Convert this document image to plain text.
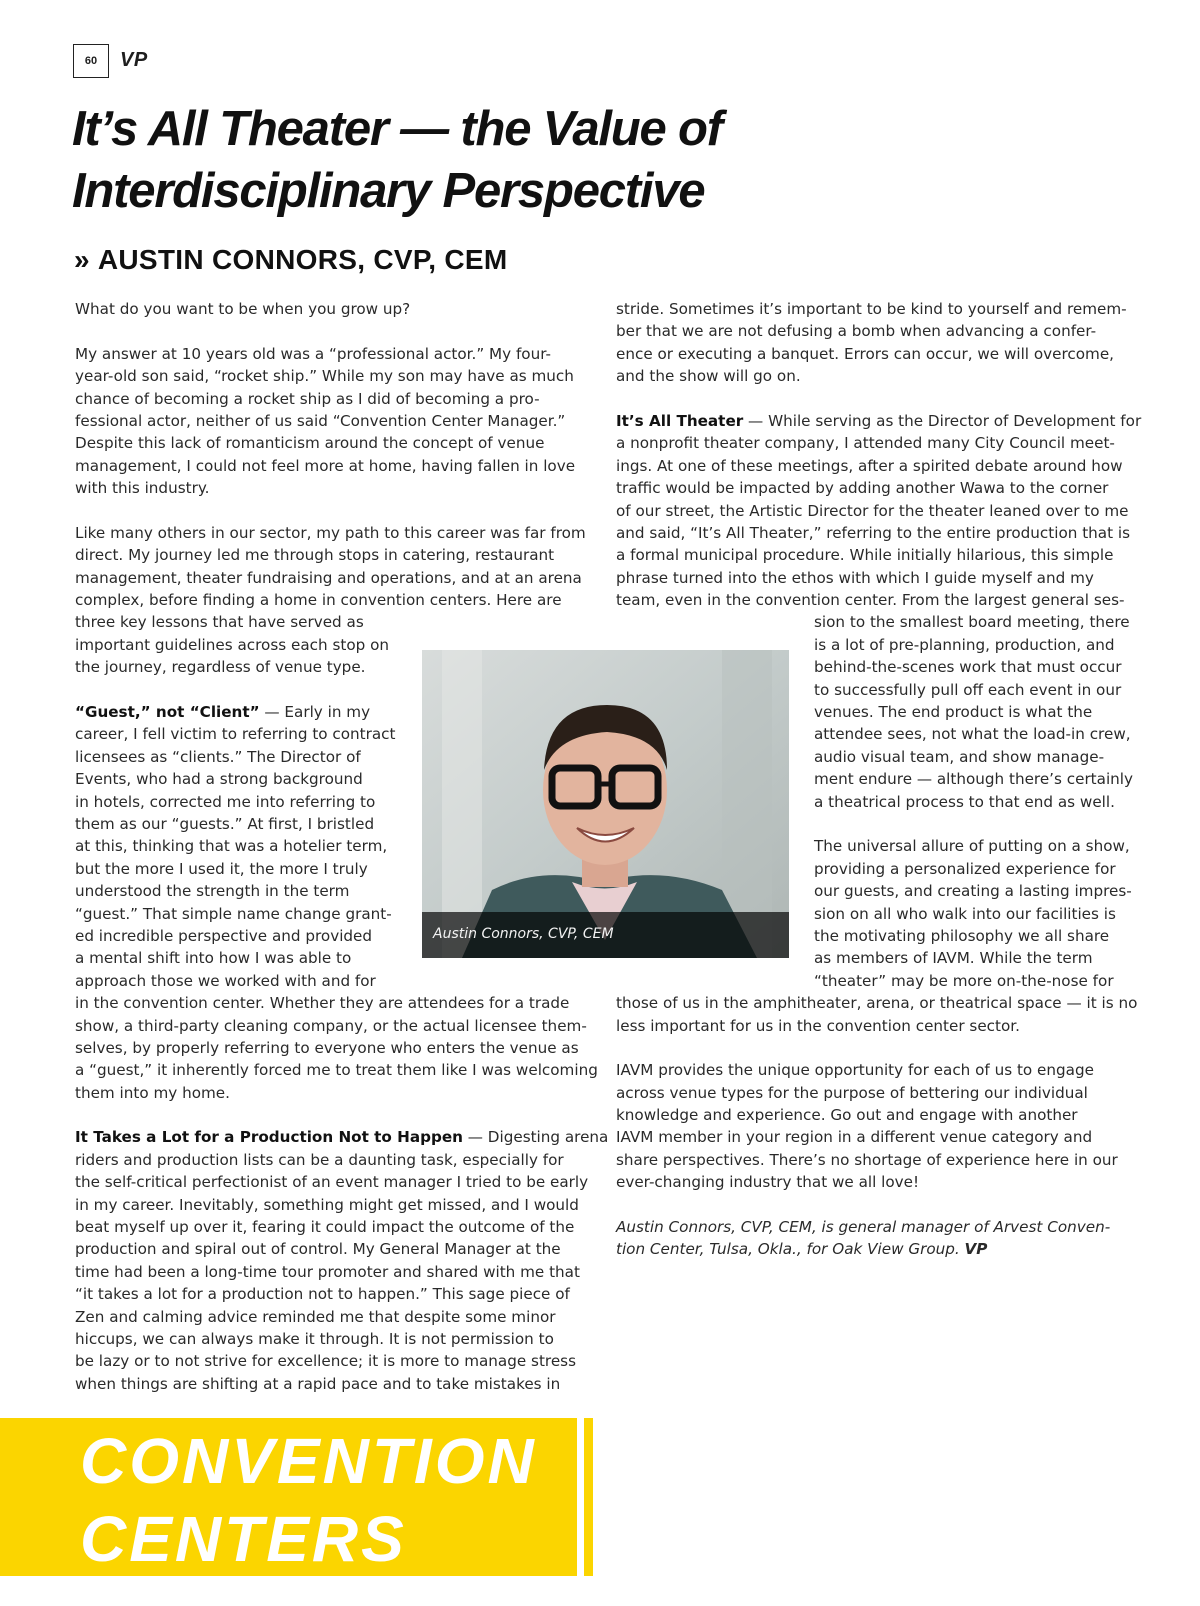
60	VP
It’s All Theater — the Value of
Interdisciplinary Perspective
» AUSTIN CONNORS, CVP, CEM
What do you want to be when you grow up?
My answer at 10 years old was a “professional actor.” My four-
year-old son said, “rocket ship.” While my son may have as much
chance of becoming a rocket ship as I did of becoming a pro-
fessional actor, neither of us said “Convention Center Manager.”
Despite this lack of romanticism around the concept of venue
management, I could not feel more at home, having fallen in love
with this industry.
Like many others in our sector, my path to this career was far from
direct. My journey led me through stops in catering, restaurant
management, theater fundraising and operations, and at an arena
complex, before finding a home in convention centers. Here are
three key lessons that have served as
important guidelines across each stop on
the journey, regardless of venue type.
“Guest,” not “Client” — Early in my
career, I fell victim to referring to contract
licensees as “clients.” The Director of
Events, who had a strong background
in hotels, corrected me into referring to
them as our “guests.” At first, I bristled
at this, thinking that was a hotelier term,
but the more I used it, the more I truly
understood the strength in the term
“guest.” That simple name change grant-
ed incredible perspective and provided
a mental shift into how I was able to
approach those we worked with and for
in the convention center. Whether they are attendees for a trade
show, a third-party cleaning company, or the actual licensee them-
selves, by properly referring to everyone who enters the venue as
a “guest,” it inherently forced me to treat them like I was welcoming
them into my home.
It Takes a Lot for a Production Not to Happen — Digesting arena
riders and production lists can be a daunting task, especially for
the self-critical perfectionist of an event manager I tried to be early
in my career. Inevitably, something might get missed, and I would
beat myself up over it, fearing it could impact the outcome of the
production and spiral out of control. My General Manager at the
time had been a long-time tour promoter and shared with me that
“it takes a lot for a production not to happen.” This sage piece of
Zen and calming advice reminded me that despite some minor
hiccups, we can always make it through. It is not permission to
be lazy or to not strive for excellence; it is more to manage stress
when things are shifting at a rapid pace and to take mistakes in
stride. Sometimes it’s important to be kind to yourself and remem-
ber that we are not defusing a bomb when advancing a confer-
ence or executing a banquet. Errors can occur, we will overcome,
and the show will go on.
It’s All Theater — While serving as the Director of Development for
a nonprofit theater company, I attended many City Council meet-
ings. At one of these meetings, after a spirited debate around how
traffic would be impacted by adding another Wawa to the corner
of our street, the Artistic Director for the theater leaned over to me
and said, “It’s All Theater,” referring to the entire production that is
a formal municipal procedure. While initially hilarious, this simple
phrase turned into the ethos with which I guide myself and my
team, even in the convention center. From the largest general ses-
sion to the smallest board meeting, there
is a lot of pre-planning, production, and
behind-the-scenes work that must occur
to successfully pull off each event in our
venues. The end product is what the
attendee sees, not what the load-in crew,
audio visual team, and show manage-
ment endure — although there’s certainly
a theatrical process to that end as well.
The universal allure of putting on a show,
providing a personalized experience for
our guests, and creating a lasting impres-
sion on all who walk into our facilities is
the motivating philosophy we all share
as members of IAVM. While the term
“theater” may be more on-the-nose for
those of us in the amphitheater, arena, or theatrical space — it is no
less important for us in the convention center sector.
IAVM provides the unique opportunity for each of us to engage
across venue types for the purpose of bettering our individual
knowledge and experience. Go out and engage with another
IAVM member in your region in a different venue category and
share perspectives. There’s no shortage of experience here in our
ever-changing industry that we all love!
Austin Connors, CVP, CEM, is general manager of Arvest Conven-
tion Center, Tulsa, Okla., for Oak View Group. VP
Austin Connors, CVP, CEM
CONVENTION
CENTERS
